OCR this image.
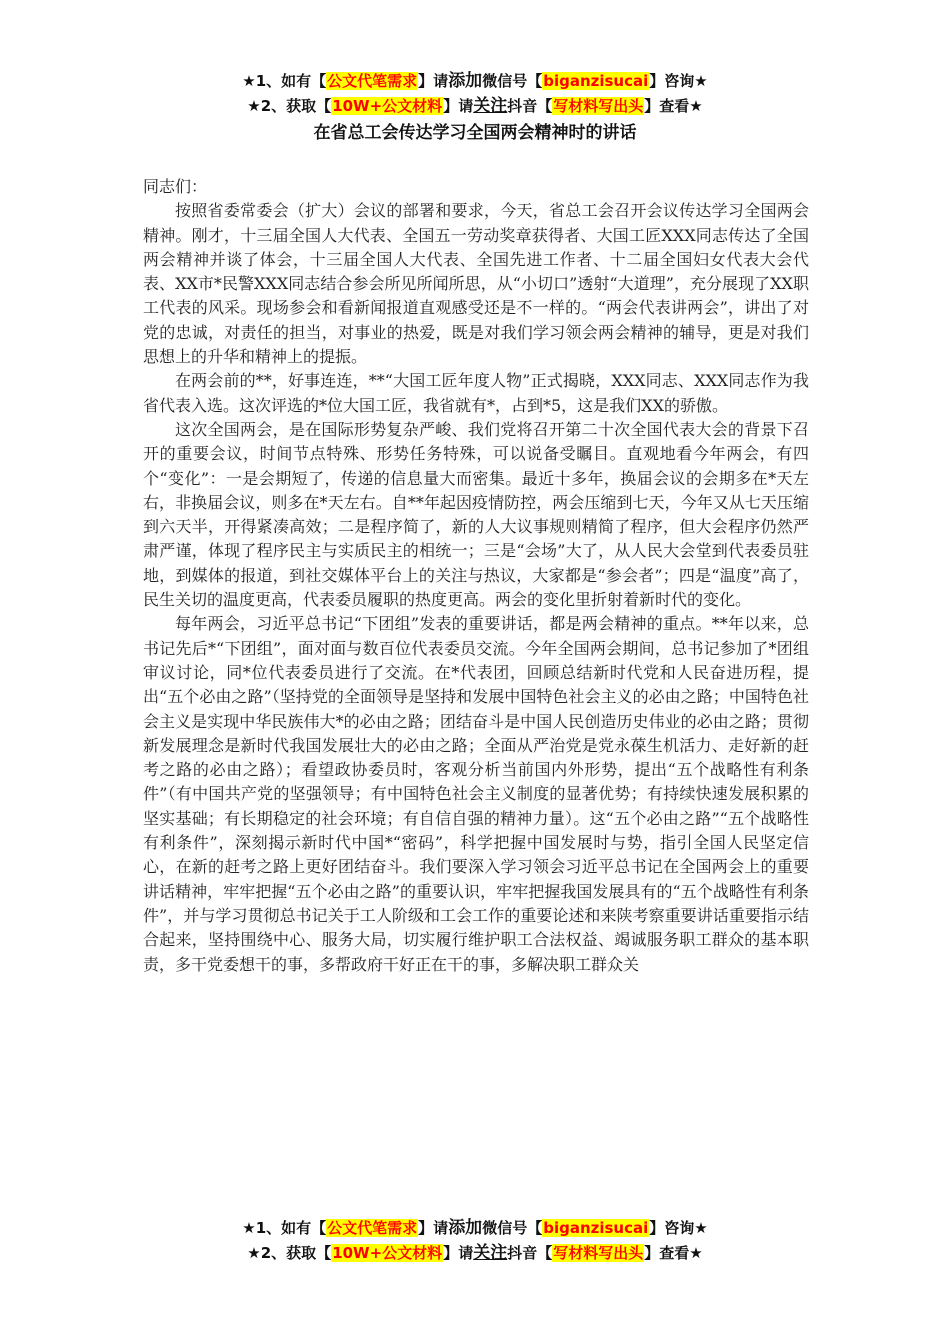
★1、如有【公文代笔需求】请添加微信号【biganzisucai】咨询★
★2、获取【10W+公文材料】请关注抖音【写材料写出头】查看★
在省总工会传达学习全国两会精神时的讲话

同志们：

按照省委常委会（扩大）会议的部署和要求，今天，省总工会召开会议传达学习全国两会精神。刚才，十三届全国人大代表、全国五一劳动奖章获得者、大国工匠XXX同志传达了全国两会精神并谈了体会，十三届全国人大代表、全国先进工作者、十二届全国妇女代表大会代表、XX市*民警XXX同志结合参会所见所闻所思，从“小切口”透射“大道理”，充分展现了XX职工代表的风采。现场参会和看新闻报道直观感受还是不一样的。“两会代表讲两会”，讲出了对党的忠诚，对责任的担当，对事业的热爱，既是对我们学习领会两会精神的辅导，更是对我们思想上的升华和精神上的提振。

在两会前的**，好事连连，**“大国工匠年度人物”正式揭晓，XXX同志、XXX同志作为我省代表入选。这次评选的*位大国工匠，我省就有*，占到*5，这是我们XX的骄傲。

这次全国两会，是在国际形势复杂严峻、我们党将召开第二十次全国代表大会的背景下召开的重要会议，时间节点特殊、形势任务特殊，可以说备受瞩目。直观地看今年两会，有四个“变化”：一是会期短了，传递的信息量大而密集。最近十多年，换届会议的会期多在*天左右，非换届会议，则多在*天左右。自**年起因疫情防控，两会压缩到七天，今年又从七天压缩到六天半，开得紧凑高效；二是程序简了，新的人大议事规则精简了程序，但大会程序仍然严肃严谨，体现了程序民主与实质民主的相统一；三是“会场”大了，从人民大会堂到代表委员驻地，到媒体的报道，到社交媒体平台上的关注与热议，大家都是“参会者”；四是“温度”高了，民生关切的温度更高，代表委员履职的热度更高。两会的变化里折射着新时代的变化。

每年两会，习近平总书记“下团组”发表的重要讲话，都是两会精神的重点。**年以来，总书记先后*“下团组”，面对面与数百位代表委员交流。今年全国两会期间，总书记参加了*团组审议讨论，同*位代表委员进行了交流。在*代表团，回顾总结新时代党和人民奋进历程，提出“五个必由之路”（坚持党的全面领导是坚持和发展中国特色社会主义的必由之路；中国特色社会主义是实现中华民族伟大*的必由之路；团结奋斗是中国人民创造历史伟业的必由之路；贯彻新发展理念是新时代我国发展壮大的必由之路；全面从严治党是党永葆生机活力、走好新的赶考之路的必由之路）；看望政协委员时，客观分析当前国内外形势，提出“五个战略性有利条件”（有中国共产党的坚强领导；有中国特色社会主义制度的显著优势；有持续快速发展积累的坚实基础；有长期稳定的社会环境；有自信自强的精神力量）。这“五个必由之路”“五个战略性有利条件”，深刻揭示新时代中国*“密码”，科学把握中国发展时与势，指引全国人民坚定信心，在新的赶考之路上更好团结奋斗。我们要深入学习领会习近平总书记在全国两会上的重要讲话精神，牢牢把握“五个必由之路”的重要认识，牢牢把握我国发展具有的“五个战略性有利条件”，并与学习贯彻总书记关于工人阶级和工会工作的重要论述和来陕考察重要讲话重要指示结合起来，坚持围绕中心、服务大局，切实履行维护职工合法权益、竭诚服务职工群众的基本职责，多干党委想干的事，多帮政府干好正在干的事，多解决职工群众关

★1、如有【公文代笔需求】请添加微信号【biganzisucai】咨询★
★2、获取【10W+公文材料】请关注抖音【写材料写出头】查看★
